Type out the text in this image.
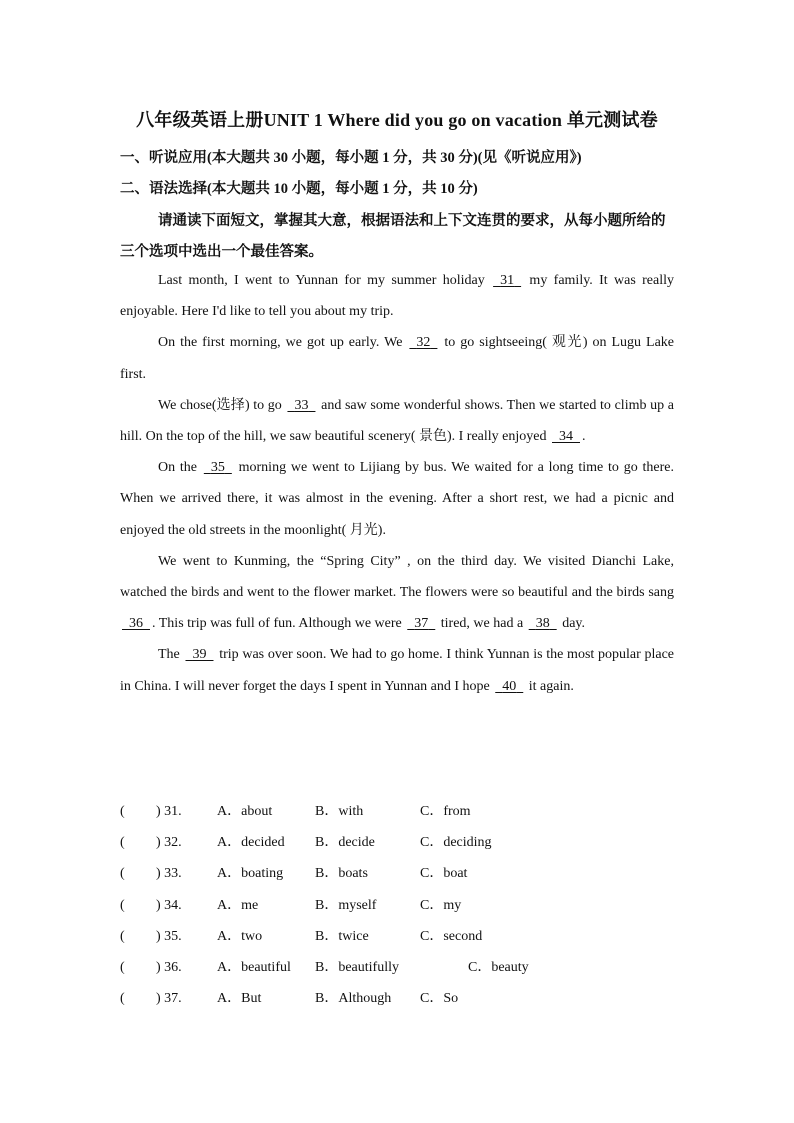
八年级英语上册UNIT 1 Where did you go on vacation 单元测试卷
一、听说应用(本大题共 30 小题，每小题 1 分，共 30 分)(见《听说应用》)
二、语法选择(本大题共 10 小题，每小题 1 分，共 10 分)
请通读下面短文，掌握其大意，根据语法和上下文连贯的要求，从每小题所给的三个选项中选出一个最佳答案。

Last month, I went to Yunnan for my summer holiday   31   my family. It was really enjoyable. Here I'd like to tell you about my trip.

On the first morning, we got up early. We   32   to go sightseeing( 观光) on Lugu Lake first.

We chose(选择) to go   33   and saw some wonderful shows. Then we started to climb up a hill. On the top of the hill, we saw beautiful scenery( 景色). I really enjoyed   34 .

On the   35   morning we went to Lijiang by bus. We waited for a long time to go there. When we arrived there, it was almost in the evening. After a short rest, we had a picnic and enjoyed the old streets in the moonlight( 月光).

We went to Kunming, the “Spring City” , on the third day. We visited Dianchi Lake, watched the birds and went to the flower market. The flowers were so beautiful and the birds sang   36 . This trip was full of fun. Although we were   37   tired, we had a   38   day.

The   39   trip was over soon. We had to go home. I think Yunnan is the most popular place in China. I will never forget the days I spent in Yunnan and I hope   40   it again.

( ) 31.	A．about	B．with	C．from
( ) 32.	A．decided B．decide	C．deciding
( ) 33.	A．boating B．boats	C．boat
( ) 34.	A．me	B．myself	C．my
( ) 35.	A．two	B．twice	C．second
( ) 36.	A．beautiful B．beautifully	C．beauty
( ) 37.	A．But	B．Although C．So
